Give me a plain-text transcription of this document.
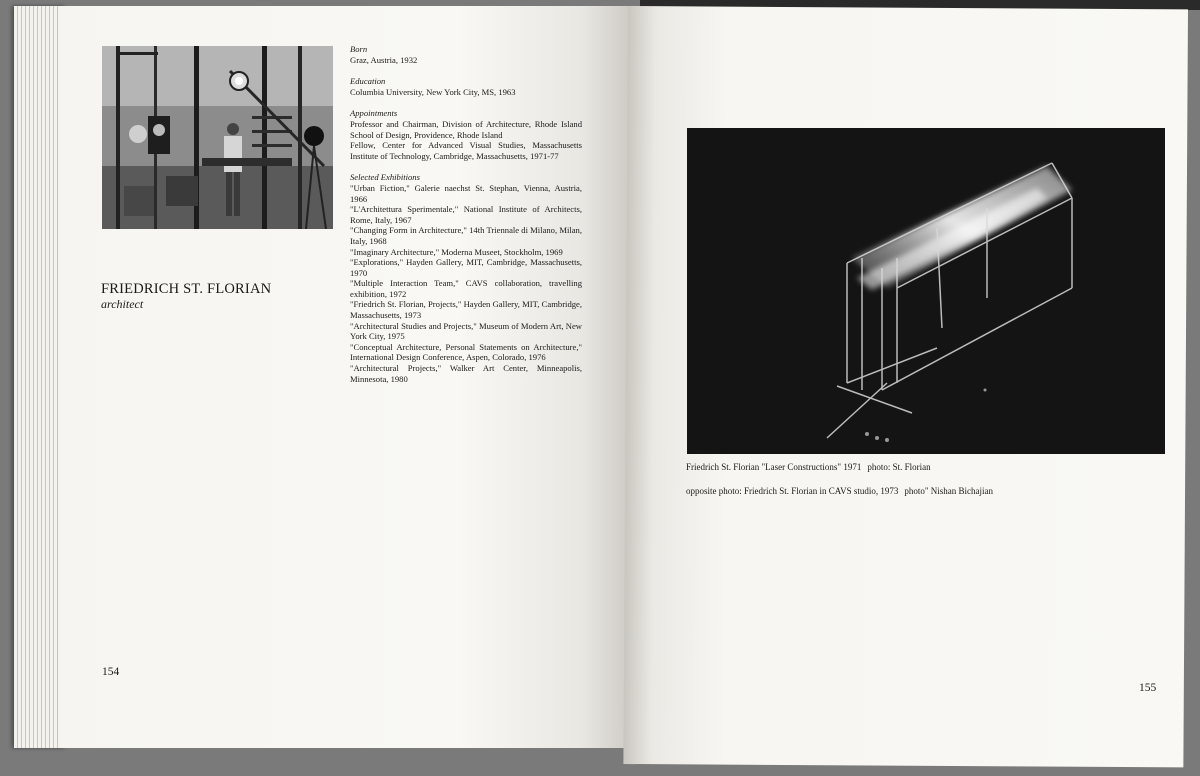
FRIEDRICH ST. FLORIAN

architect

Born
Graz, Austria, 1932
Education
Columbia University, New York City, MS, 1963
Appointments
Professor and Chairman, Division of Architecture, Rhode Island School of Design, Providence, Rhode Island
Fellow, Center for Advanced Visual Studies, Massachusetts Institute of Technology, Cambridge, Massachusetts, 1971-77
Selected Exhibitions
"Urban Fiction," Galerie naechst St. Stephan, Vienna, Austria, 1966
"L'Architettura Sperimentale," National Institute of Architects, Rome, Italy, 1967
"Changing Form in Architecture," 14th Triennale di Milano, Milan, Italy, 1968
"Imaginary Architecture," Moderna Museet, Stockholm, 1969
"Explorations," Hayden Gallery, MIT, Cambridge, Massachusetts, 1970
"Multiple Interaction Team," CAVS collaboration, travelling exhibition, 1972
"Friedrich St. Florian, Projects," Hayden Gallery, MIT, Cambridge, Massachusetts, 1973
"Architectural Studies and Projects," Museum of Modern Art, New York City, 1975
"Conceptual Architecture, Personal Statements on Architecture," International Design Conference, Aspen, Colorado, 1976
"Architectural Projects," Walker Art Center, Minneapolis, Minnesota, 1980
154
Friedrich St. Florian "Laser Constructions" 1971 photo: St. Florian
opposite photo: Friedrich St. Florian in CAVS studio, 1973 photo" Nishan Bichajian
155
